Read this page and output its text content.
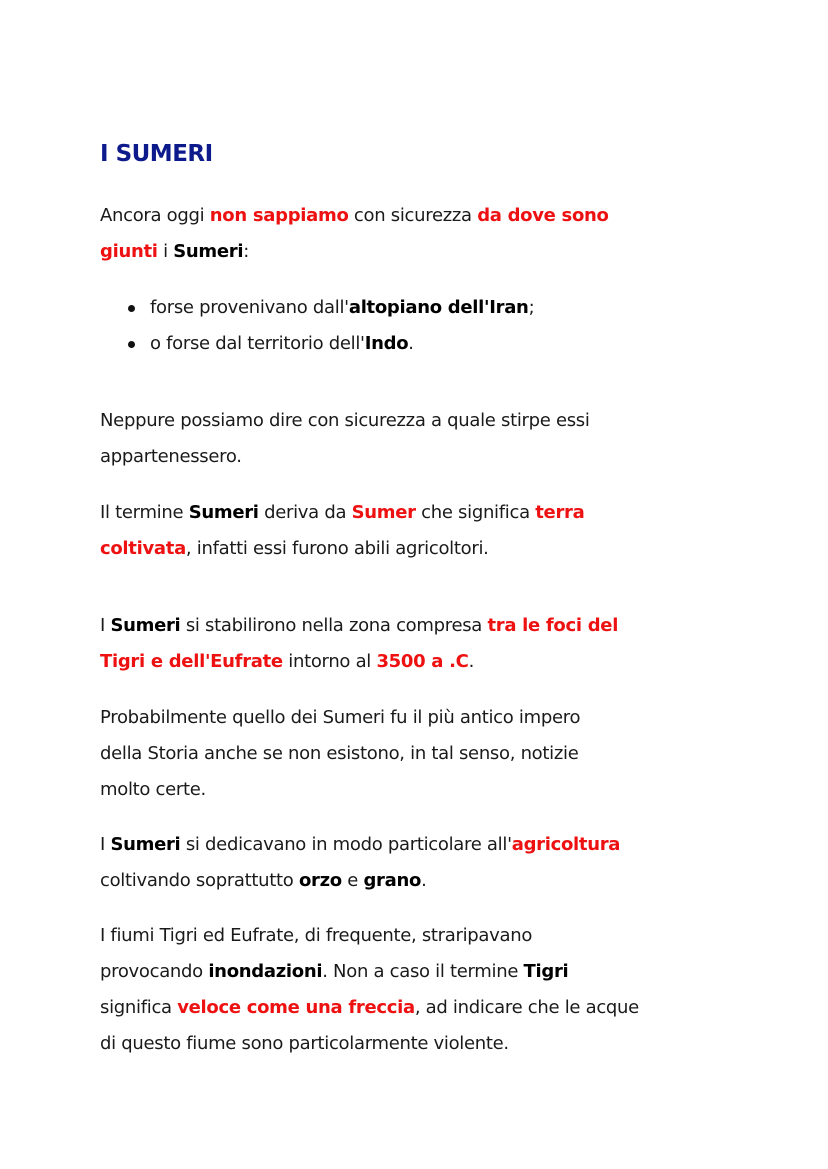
I SUMERI

Ancora oggi non sappiamo con sicurezza da dove sono
giunti i Sumeri:

forse provenivano dall'altopiano dell'Iran;
o forse dal territorio dell'Indo.

Neppure possiamo dire con sicurezza a quale stirpe essi
appartenessero.

Il termine Sumeri deriva da Sumer che significa terra
coltivata, infatti essi furono abili agricoltori.

I Sumeri si stabilirono nella zona compresa tra le foci del
Tigri e dell'Eufrate intorno al 3500 a .C.

Probabilmente quello dei Sumeri fu il più antico impero
della Storia anche se non esistono, in tal senso, notizie
molto certe.

I Sumeri si dedicavano in modo particolare all'agricoltura
coltivando soprattutto orzo e grano.

I fiumi Tigri ed Eufrate, di frequente, straripavano
provocando inondazioni. Non a caso il termine Tigri
significa veloce come una freccia, ad indicare che le acque
di questo fiume sono particolarmente violente.
